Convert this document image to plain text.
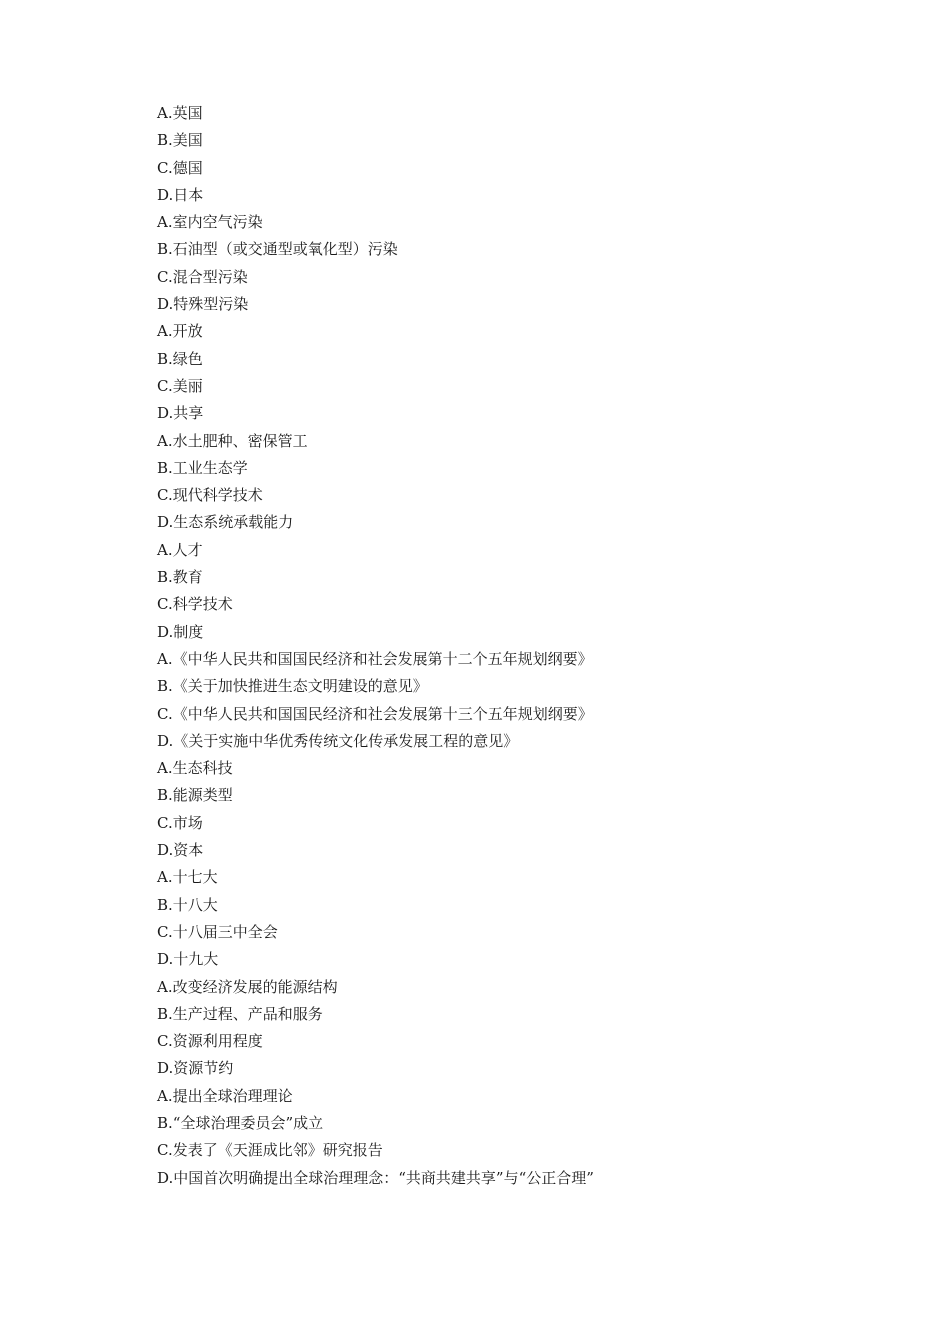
A.英国
B.美国
C.德国
D.日本
A.室内空气污染
B.石油型（或交通型或氧化型）污染
C.混合型污染
D.特殊型污染
A.开放
B.绿色
C.美丽
D.共享
A.水土肥种、密保管工
B.工业生态学
C.现代科学技术
D.生态系统承载能力
A.人才
B.教育
C.科学技术
D.制度
A.《中华人民共和国国民经济和社会发展第十二个五年规划纲要》
B.《关于加快推进生态文明建设的意见》
C.《中华人民共和国国民经济和社会发展第十三个五年规划纲要》
D.《关于实施中华优秀传统文化传承发展工程的意见》
A.生态科技
B.能源类型
C.市场
D.资本
A.十七大
B.十八大
C.十八届三中全会
D.十九大
A.改变经济发展的能源结构
B.生产过程、产品和服务
C.资源利用程度
D.资源节约
A.提出全球治理理论
B.“全球治理委员会”成立
C.发表了《天涯成比邻》研究报告
D.中国首次明确提出全球治理理念：“共商共建共享”与“公正合理”
